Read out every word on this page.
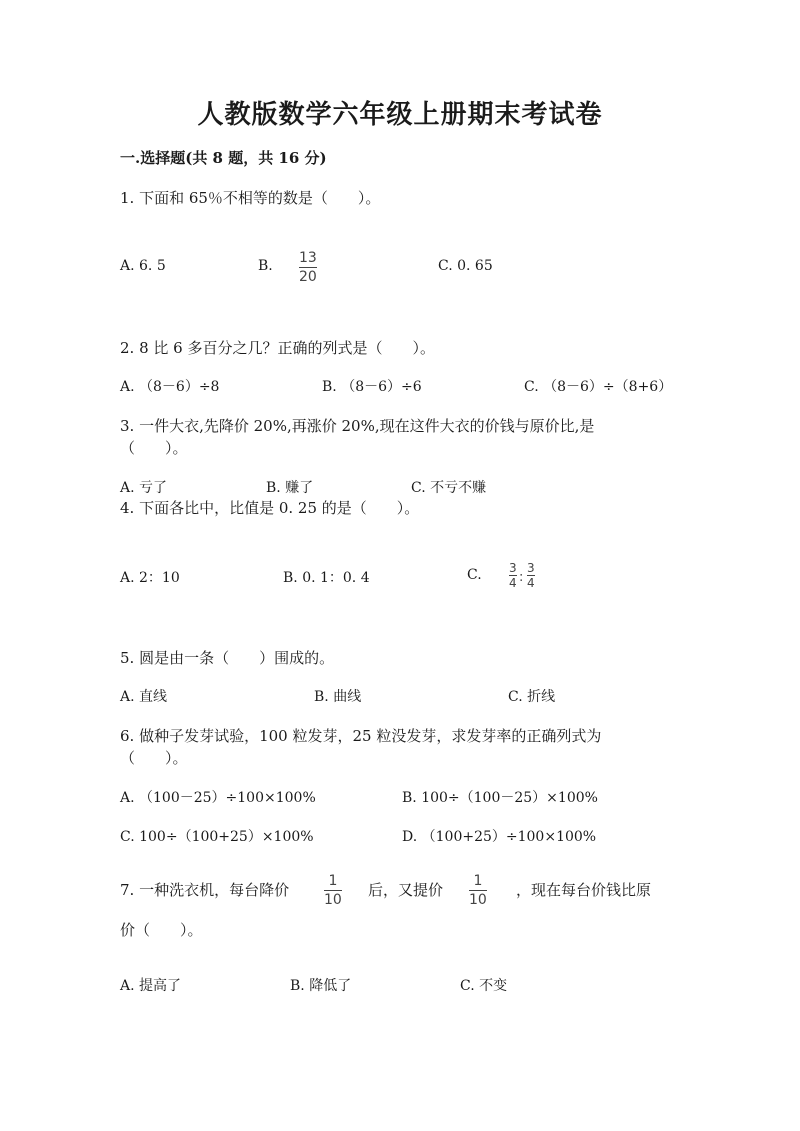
人教版数学六年级上册期末考试卷
一.选择题(共 8 题，共 16 分)
1. 下面和 65％不相等的数是（　　）。
A. 6. 5	B. 13
20
C. 0. 65
2. 8 比 6 多百分之几？正确的列式是（　　）。
A. （8－6）÷8	B. （8－6）÷6	C. （8－6）÷（8+6）
3. 一件大衣,先降价 20%,再涨价 20%,现在这件大衣的价钱与原价比,是
（　　）。
A. 亏了	B. 赚了	C. 不亏不赚
4. 下面各比中，比值是 0. 25 的是（　　）。
A. 2：10	B. 0. 1：0. 4	C. 3
4 :
3
4
5. 圆是由一条（　　）围成的。
A. 直线	B. 曲线	C. 折线
6. 做种子发芽试验，100 粒发芽，25 粒没发芽，求发芽率的正确列式为
（　　）。
A. （100－25）÷100×100%	B. 100÷（100－25）×100%
C. 100÷（100+25）×100%	D. （100+25）÷100×100%
7. 一种洗衣机，每台降价	1
10
后，又提价 1
10
，现在每台价钱比原
价（　　）。
A. 提高了	B. 降低了	C. 不变
